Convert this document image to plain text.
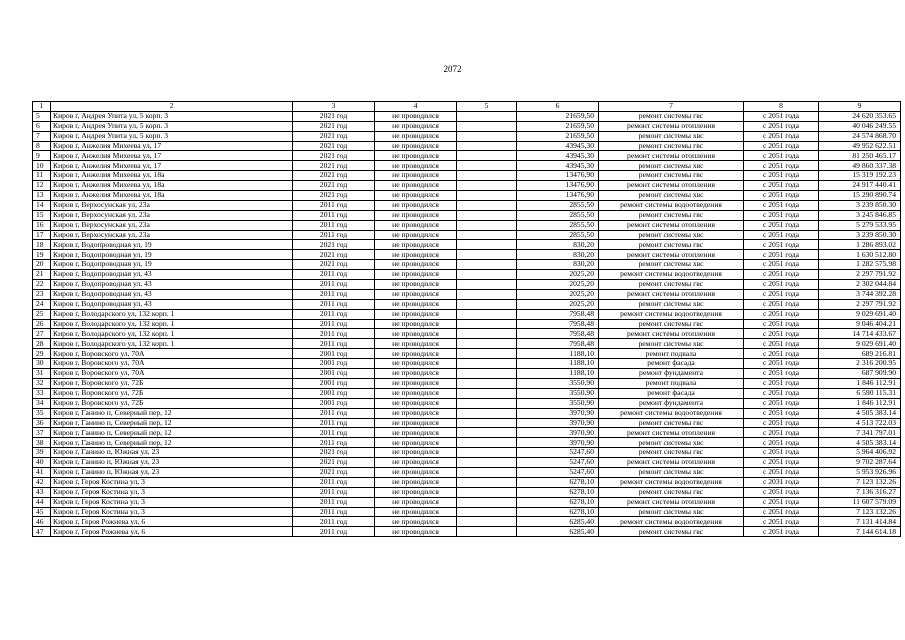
2072
1	2	3	4	5	6	7	8	9
5	Киров г, Андрея Упита ул, 5 корп. 3	2021 год	не проводился		21659,50	ремонт системы гвс	с 2051 года	24 620 353.65
6	Киров г, Андрея Упита ул, 5 корп. 3	2021 год	не проводился		21659,50	ремонт системы отопления	с 2051 года	40 046 249.55
7	Киров г, Андрея Упита ул, 5 корп. 3	2021 год	не проводился		21659,50	ремонт системы хвс	с 2051 года	24 574 868.70
8	Киров г, Анжелия Михеева ул, 17	2021 год	не проводился		43945,30	ремонт системы гвс	с 2051 года	49 952 622.51
9	Киров г, Анжелия Михеева ул, 17	2021 год	не проводился		43945,30	ремонт системы отопления	с 2051 года	81 250 465.17
10	Киров г, Анжелия Михеева ул, 17	2021 год	не проводился		43945,30	ремонт системы хвс	с 2051 года	49 860 337.38
11	Киров г, Анжелия Михеева ул, 18а	2021 год	не проводился		13476,90	ремонт системы гвс	с 2051 года	15 319 192.23
12	Киров г, Анжелия Михеева ул, 18а	2021 год	не проводился		13476,90	ремонт системы отопления	с 2051 года	24 917 440.41
13	Киров г, Анжелия Михеева ул, 18а	2021 год	не проводился		13476,90	ремонт системы хвс	с 2051 года	15 290 890.74
14	Киров г, Верхосунская ул, 23а	2011 год	не проводился		2855,50	ремонт системы водоотведения	с 2051 года	3 239 850.30
15	Киров г, Верхосунская ул, 23а	2011 год	не проводился		2855,50	ремонт системы гвс	с 2051 года	3 245 846.85
16	Киров г, Верхосунская ул, 23а	2011 год	не проводился		2855,50	ремонт системы отопления	с 2051 года	5 279 533.95
17	Киров г, Верхосунская ул, 23а	2011 год	не проводился		2855,50	ремонт системы хвс	с 2051 года	3 239 850.30
18	Киров г, Водопроводная ул, 19	2021 год	не проводился		830,20	ремонт системы гвс	с 2051 года	1 286 893.02
19	Киров г, Водопроводная ул, 19	2021 год	не проводился		830,20	ремонт системы отопления	с 2051 года	1 630 512.80
20	Киров г, Водопроводная ул, 19	2021 год	не проводился		830,20	ремонт системы хвс	с 2051 года	1 282 575.98
21	Киров г, Водопроводная ул, 43	2011 год	не проводился		2025,20	ремонт системы водоотведения	с 2051 года	2 297 791.92
22	Киров г, Водопроводная ул, 43	2011 год	не проводился		2025,20	ремонт системы гвс	с 2051 года	2 302 044.84
23	Киров г, Водопроводная ул, 43	2011 год	не проводился		2025,20	ремонт системы отопления	с 2051 года	3 744 392.28
24	Киров г, Водопроводная ул, 43	2011 год	не проводился		2025,20	ремонт системы хвс	с 2051 года	2 297 791.92
25	Киров г, Володарского ул, 132 корп. 1	2011 год	не проводился		7958,48	ремонт системы водоотведения	с 2051 года	9 029 691.40
26	Киров г, Володарского ул, 132 корп. 1	2011 год	не проводился		7958,48	ремонт системы гвс	с 2051 года	9 046 404.21
27	Киров г, Володарского ул, 132 корп. 1	2011 год	не проводился		7958,48	ремонт системы отопления	с 2051 года	14 714 433.67
28	Киров г, Володарского ул, 132 корп. 1	2011 год	не проводился		7958,48	ремонт системы хвс	с 2051 года	9 029 691.40
29	Киров г, Воровского ул, 70А	2001 год	не проводился		1188,10	ремонт подвала	с 2051 года	689 216.81
30	Киров г, Воровского ул, 70А	2001 год	не проводился		1188,10	ремонт фасада	с 2051 года	2 316 200.95
31	Киров г, Воровского ул, 70А	2001 год	не проводился		1188,10	ремонт фундамента	с 2051 года	687 909.90
32	Киров г, Воровского ул, 72Б	2001 год	не проводился		3550,90	ремонт подвала	с 2051 года	1 846 112.91
33	Киров г, Воровского ул, 72Б	2001 год	не проводился		3550,90	ремонт фасада	с 2051 года	6 590 115.31
34	Киров г, Воровского ул, 72Б	2001 год	не проводился		3550,90	ремонт фундамента	с 2051 года	1 846 112.91
35	Киров г, Ганино п, Северный пер, 12	2011 год	не проводился		3970,90	ремонт системы водоотведения	с 2051 года	4 505 383.14
36	Киров г, Ганино п, Северный пер, 12	2011 год	не проводился		3970,90	ремонт системы гвс	с 2051 года	4 513 722.03
37	Киров г, Ганино п, Северный пер, 12	2011 год	не проводился		3970,90	ремонт системы отопления	с 2051 года	7 341 797.01
38	Киров г, Ганино п, Северный пер, 12	2011 год	не проводился		3970,90	ремонт системы хвс	с 2051 года	4 505 383.14
39	Киров г, Ганино п, Южная ул, 23	2021 год	не проводился		5247,60	ремонт системы гвс	с 2051 года	5 964 406.92
40	Киров г, Ганино п, Южная ул, 23	2021 год	не проводился		5247,60	ремонт системы отопления	с 2051 года	9 702 287.64
41	Киров г, Ганино п, Южная ул, 23	2021 год	не проводился		5247,60	ремонт системы хвс	с 2051 года	5 953 926.96
42	Киров г, Героя Костина ул, 3	2011 год	не проводился		6278,10	ремонт системы водоотведения	с 2031 года	7 123 132.26
43	Киров г, Героя Костина ул, 3	2011 год	не проводился		6278,10	ремонт системы гвс	с 2051 года	7 136 316.27
44	Киров г, Героя Костина ул, 3	2011 год	не проводился		6278,10	ремонт системы отопления	с 2051 года	11 607 579.09
45	Киров г, Героя Костина ул, 3	2011 год	не проводился		6278,10	ремонт системы хвс	с 2051 года	7 123 132.26
46	Киров г, Героя Рожнева ул, 6	2011 год	не проводился		6285,40	ремонт системы водоотведения	с 2051 года	7 131 414.84
47	Киров г, Героя Рожнева ул, 6	2011 год	не проводился		6285,40	ремонт системы гвс	с 2051 года	7 144 614.18
